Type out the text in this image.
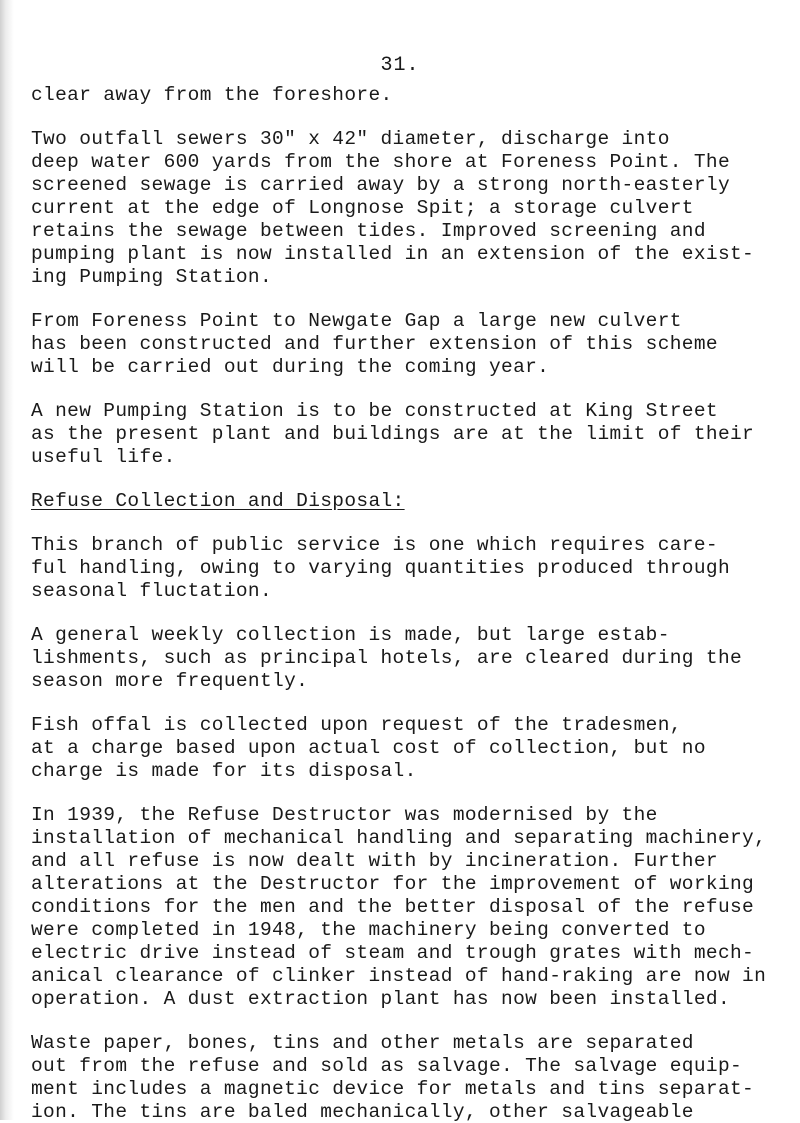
31.

clear away from the foreshore.

Two outfall sewers 30" x 42" diameter, discharge into

deep water 600 yards from the shore at Foreness Point. The

screened sewage is carried away by a strong north-easterly

current at the edge of Longnose Spit; a storage culvert

retains the sewage between tides. Improved screening and

pumping plant is now installed in an extension of the exist-

ing Pumping Station.

From Foreness Point to Newgate Gap a large new culvert

has been constructed and further extension of this scheme

will be carried out during the coming year.

A new Pumping Station is to be constructed at King Street

as the present plant and buildings are at the limit of their

useful life.

Refuse Collection and Disposal:

This branch of public service is one which requires care-

ful handling, owing to varying quantities produced through

seasonal fluctation.

A general weekly collection is made, but large estab-

lishments, such as principal hotels, are cleared during the

season more frequently.

Fish offal is collected upon request of the tradesmen,

at a charge based upon actual cost of collection, but no

charge is made for its disposal.

In 1939, the Refuse Destructor was modernised by the

installation of mechanical handling and separating machinery,

and all refuse is now dealt with by incineration. Further

alterations at the Destructor for the improvement of working

conditions for the men and the better disposal of the refuse

were completed in 1948, the machinery being converted to

electric drive instead of steam and trough grates with mech-

anical clearance of clinker instead of hand-raking are now in

operation. A dust extraction plant has now been installed.

Waste paper, bones, tins and other metals are separated

out from the refuse and sold as salvage. The salvage equip-

ment includes a magnetic device for metals and tins separat-

ion. The tins are baled mechanically, other salvageable
